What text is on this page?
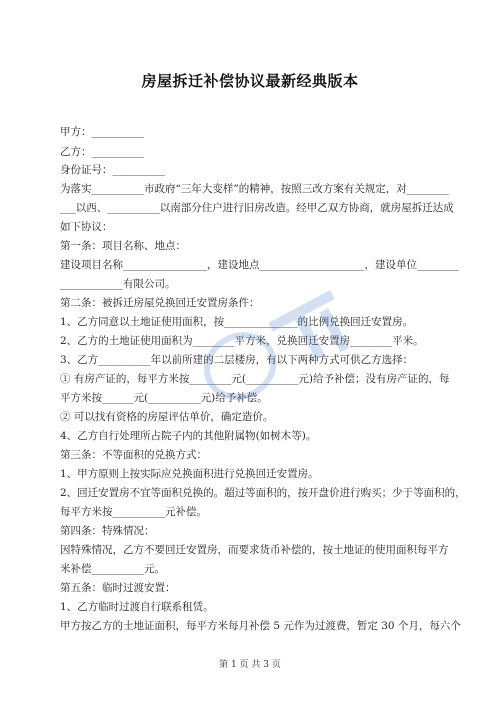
房屋拆迁补偿协议最新经典版本
甲方：__________
乙方：__________
身份证号：__________
为落实__________市政府“三年大变样”的精神，按照三改方案有关规定，对________
___以西、__________以南部分住户进行旧房改造。经甲乙双方协商，就房屋拆迁达成
如下协议：
第一条：项目名称、地点：
建设项目名称________________，建设地点____________________，建设单位________
____________有限公司。
第二条：被拆迁房屋兑换回迁安置房条件：
1、乙方同意以土地证使用面积，按______________的比例兑换回迁安置房。
2、乙方的土地证使用面积为________平方米，兑换回迁安置房________平米。
3、乙方__________年以前所建的二层楼房，有以下两种方式可供乙方选择：
① 有房产证的，每平方米按________元(__________元)给予补偿；没有房产证的，每
平方米按______元(__________元)给予补偿。
② 可以找有资格的房屋评估单价，确定造价。
4、乙方自行处理所占院子内的其他附属物(如树木等)。
第三条：不等面积的兑换方式：
1、甲方原则上按实际应兑换面积进行兑换回迁安置房。
2、回迁安置房不宜等面积兑换的。超过等面积的，按开盘价进行购买；少于等面积的，
每平方米按__________元补偿。
第四条：特殊情况：
因特殊情况，乙方不要回迁安置房，而要求货币补偿的，按土地证的使用面积每平方
米补偿__________元。
第五条：临时过渡安置：
1、乙方临时过渡自行联系租赁。
甲方按乙方的土地证面积，每平方米每月补偿 5 元作为过渡费，暂定 30 个月，每六个
第 1 页 共 3 页
